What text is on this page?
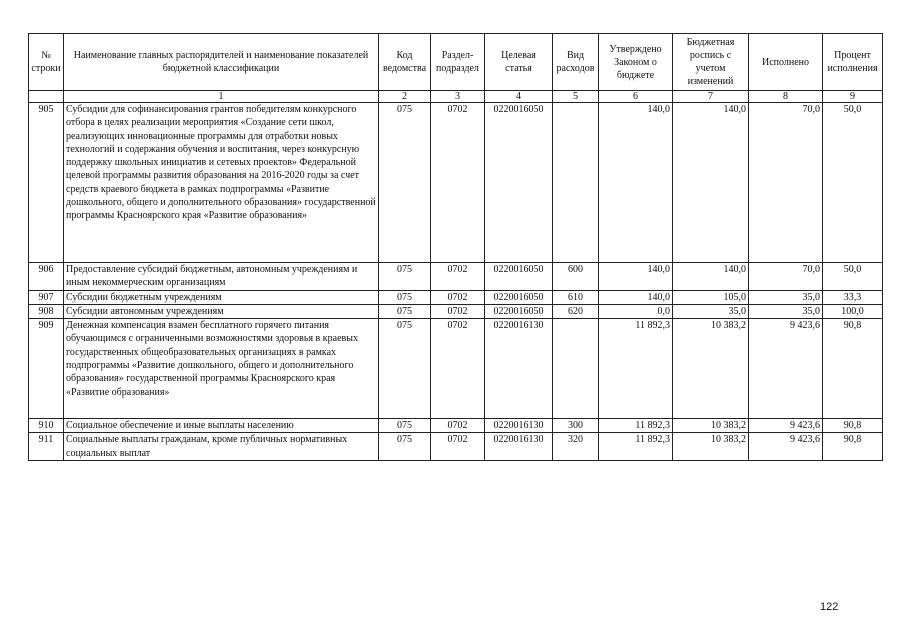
№ строки	Наименование главных распорядителей и наименование показателей бюджетной классификации	Код ведомства	Раздел-подраздел	Целевая статья	Вид расходов	Утверждено Законом о бюджете	Бюджетная роспись с учетом изменений	Исполнено	Процент исполнения
	1	2	3	4	5	6	7	8	9
905	Субсидии для софинансирования грантов победителям конкурсного отбора в целях реализации мероприятия «Создание сети школ, реализующих инновационные программы для отработки новых технологий и содержания обучения и воспитания, через конкурсную поддержку школьных инициатив и сетевых проектов» Федеральной целевой программы развития образования на 2016-2020 годы за счет средств краевого бюджета в рамках подпрограммы «Развитие дошкольного, общего и дополнительного образования» государственной программы Красноярского края «Развитие образования»	075	0702	0220016050		140,0	140,0	70,0	50,0
906	Предоставление субсидий бюджетным, автономным учреждениям и иным некоммерческим организациям	075	0702	0220016050	600	140,0	140,0	70,0	50,0
907	Субсидии бюджетным учреждениям	075	0702	0220016050	610	140,0	105,0	35,0	33,3
908	Субсидии автономным учреждениям	075	0702	0220016050	620	0,0	35,0	35,0	100,0
909	Денежная компенсация взамен бесплатного горячего питания обучающимся с ограниченными возможностями здоровья в краевых государственных общеобразовательных организациях в рамках подпрограммы «Развитие дошкольного, общего и дополнительного образования» государственной программы Красноярского края «Развитие образования»	075	0702	0220016130		11 892,3	10 383,2	9 423,6	90,8
910	Социальное обеспечение и иные выплаты населению	075	0702	0220016130	300	11 892,3	10 383,2	9 423,6	90,8
911	Социальные выплаты гражданам, кроме публичных нормативных социальных выплат	075	0702	0220016130	320	11 892,3	10 383,2	9 423,6	90,8
122
